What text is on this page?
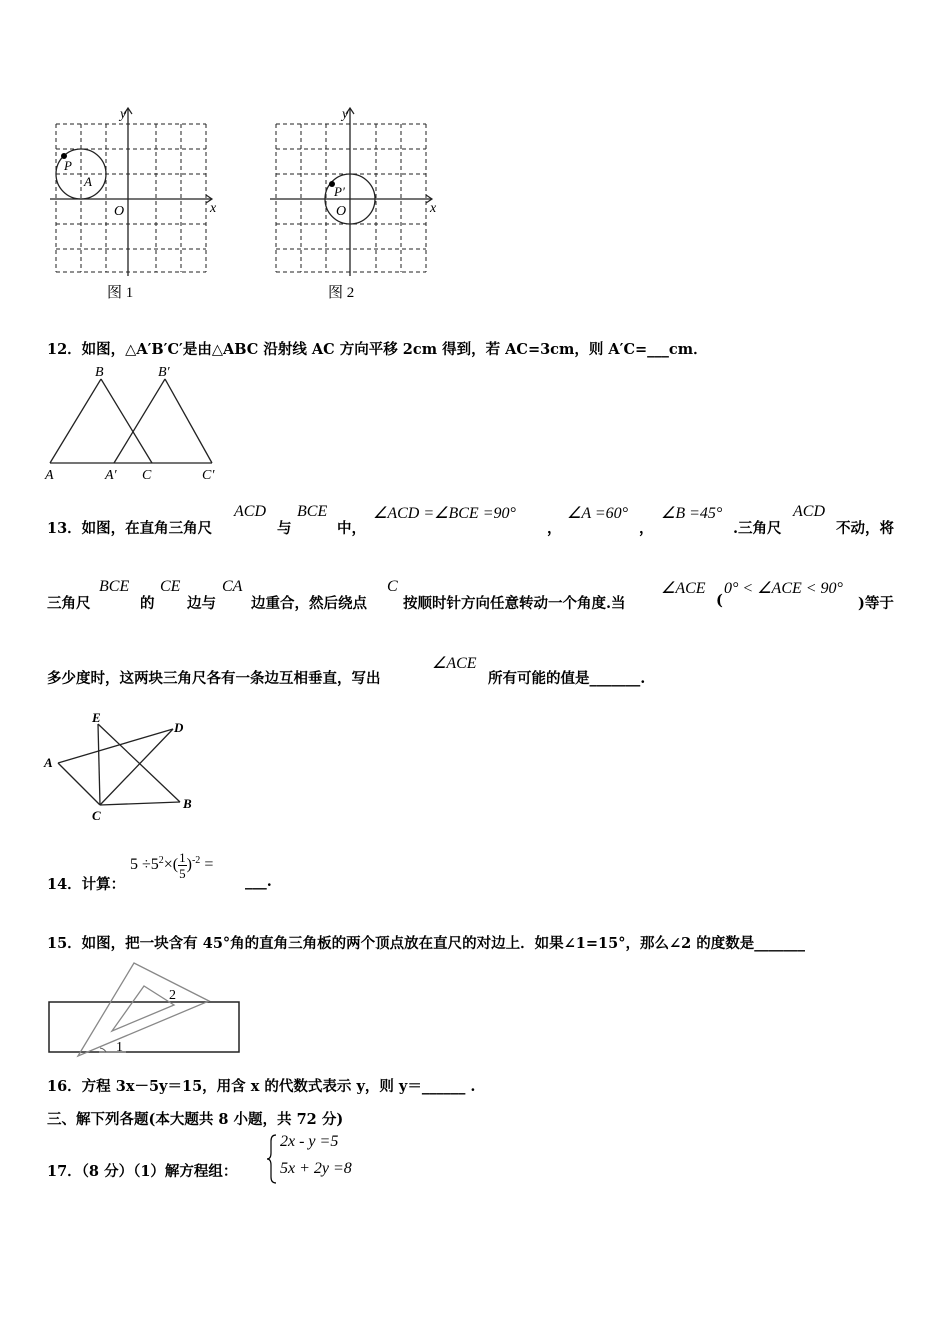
y
x
O
P
A
图 1
y
x
O
P′
图 2
12．如图，△A′B′C′是由△ABC 沿射线 AC 方向平移 2cm 得到，若 AC=3cm，则 A′C=___cm．
A	A′ C	C′
B	B′
13．如图，在直角三角尺
ACD
与
BCE
中，
∠ACD =∠BCE =90°
，
∠A =60°
，
∠B =45°
.三角尺
ACD
不动，将
三角尺
BCE
的
CE
边与
CA
边重合，然后绕点
C
按顺时针方向任意转动一个角度.当
∠ACE
(
0° < ∠ACE < 90°
)等于
多少度时，这两块三角尺各有一条边互相垂直，写出
∠ACE
所有可能的值是_______.
E
D
A
C
B
14．计算：
$5 \div 5^2\times( \frac{1}{5} )^{-2}$ =
___.
15．如图，把一块含有 45°角的直角三角板的两个顶点放在直尺的对边上．如果∠1=15°，那么∠2 的度数是_______
1
2
16．方程 3x－5y＝15，用含 x 的代数式表示 y，则 y＝______ .
三、解下列各题(本大题共 8 小题，共 72 分)
17．（8 分）（1）解方程组：
2x - y =5
5x + 2y =8
